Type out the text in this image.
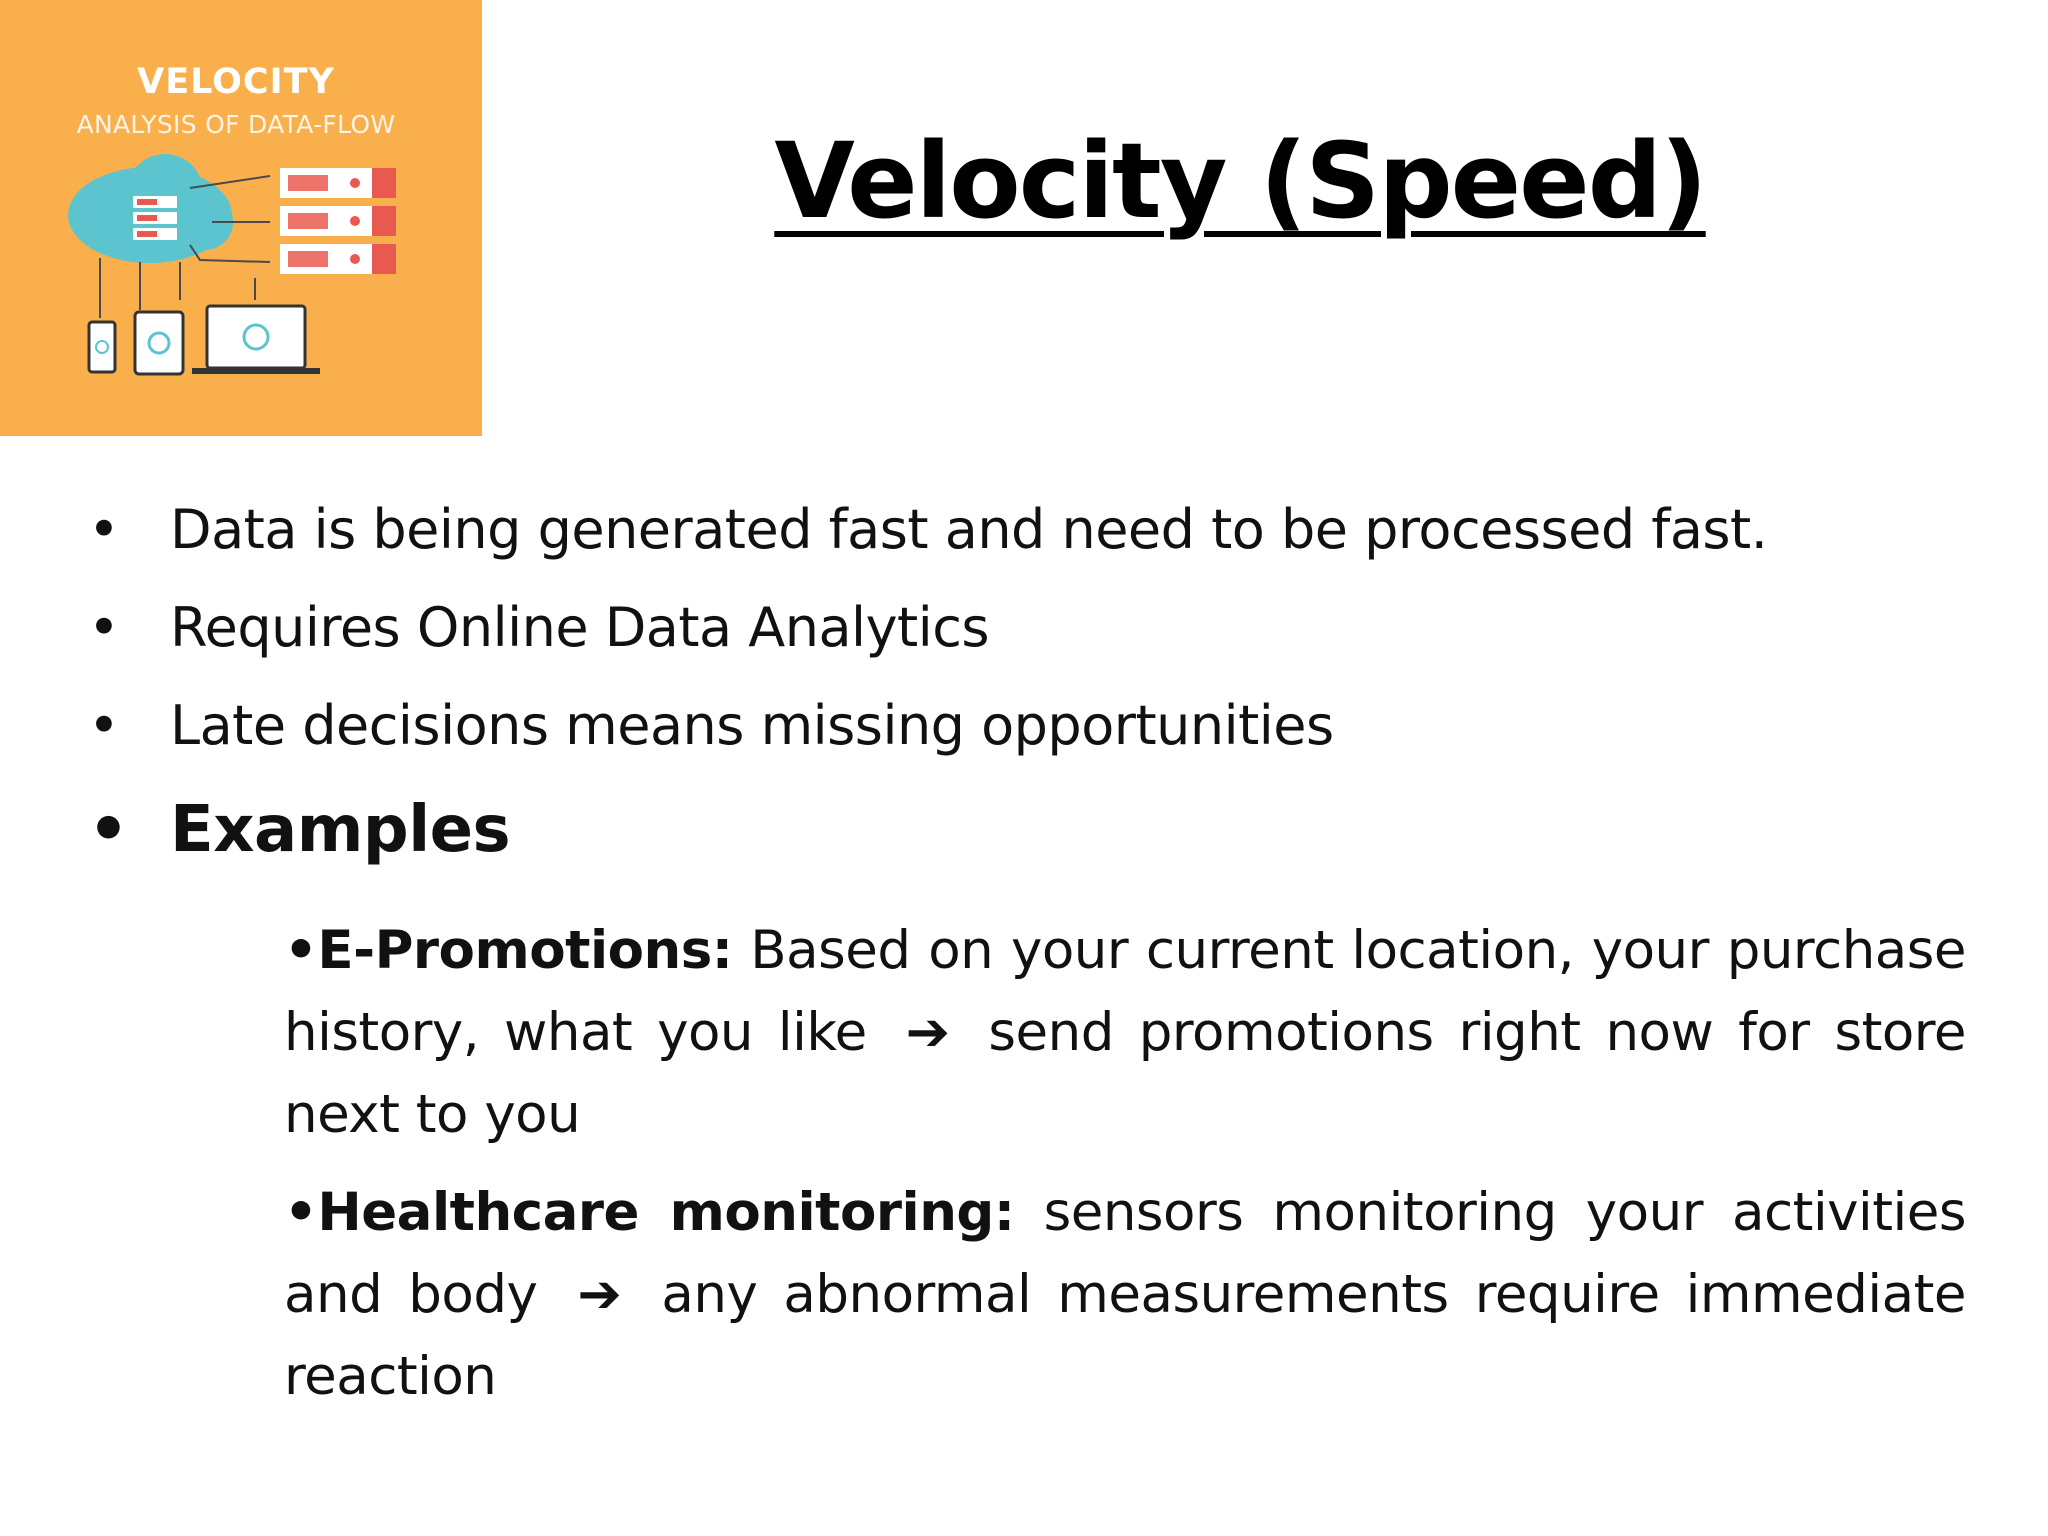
VELOCITY
ANALYSIS OF DATA-FLOW	Velocity (Speed)
• Data is being generated fast and need to be processed fast.
• Requires Online Data Analytics
• Late decisions means missing opportunities
• Examples
•E-Promotions: Based on your current location, your purchase history, what you like ➔ send promotions right now for store next to you
•Healthcare monitoring: sensors monitoring your activities and body ➔ any abnormal measurements require immediate reaction
